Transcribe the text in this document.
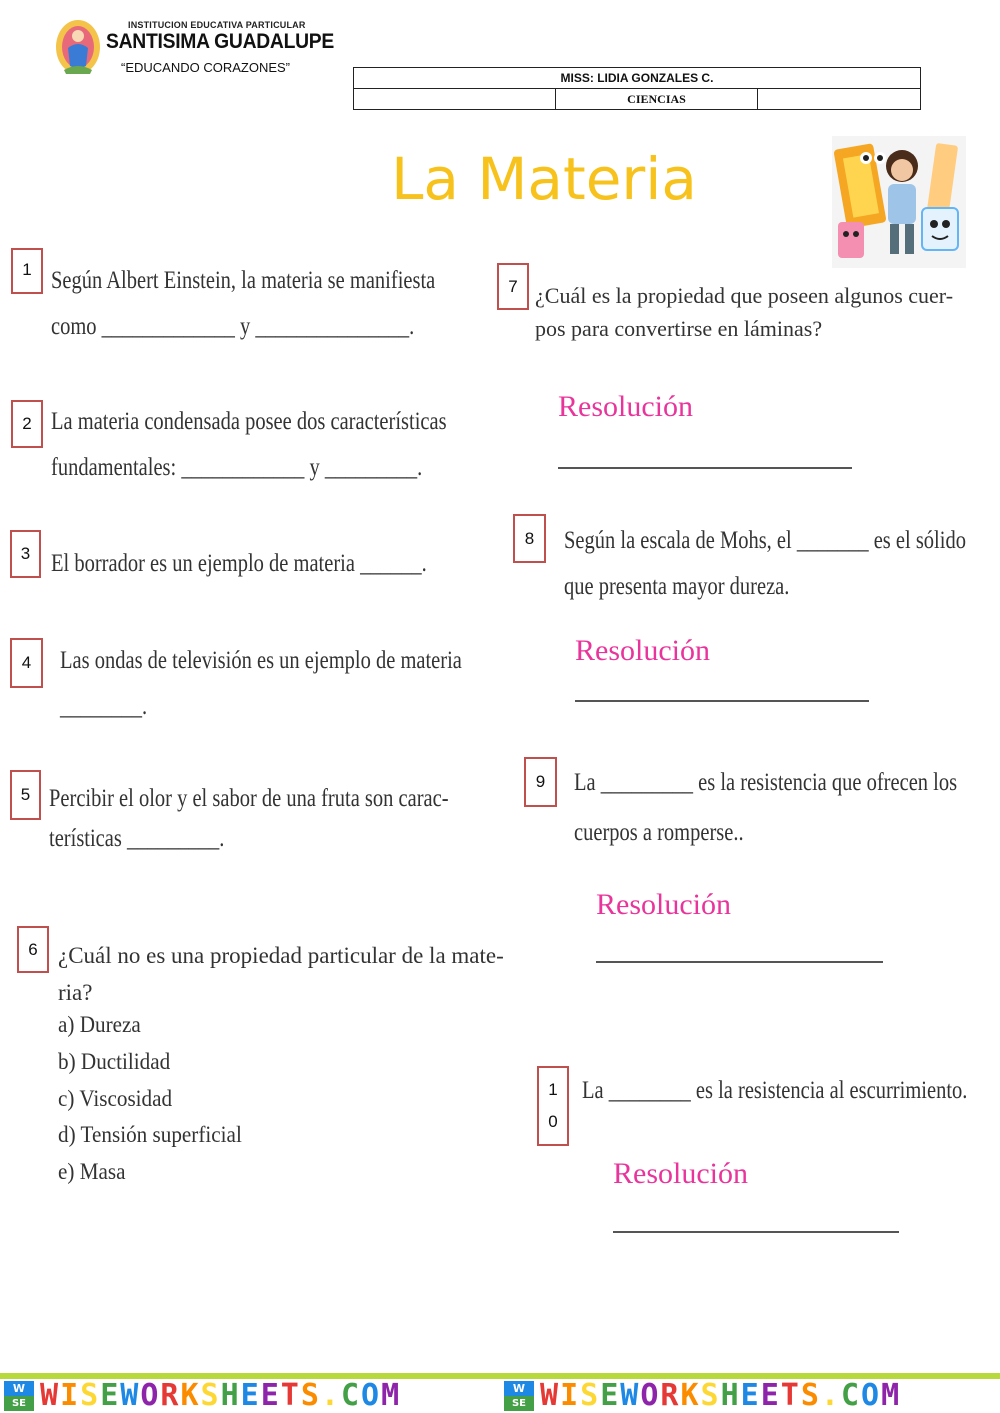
INSTITUCION EDUCATIVA PARTICULAR
SANTISIMA GUADALUPE
“EDUCANDO CORAZONES”
MISS: LIDIA GONZALES C.
	CIENCIAS	
La Materia
1 Según Albert Einstein, la materia se manifiesta
como _____________ y _______________.
2 La materia condensada posee dos características
fundamentales: ____________ y _________.
3 El borrador es un ejemplo de materia ______.
4	Las ondas de televisión es un ejemplo de materia
________.
5 Percibir el olor y el sabor de una fruta son carac-
terísticas _________.
6 ¿Cuál no es una propiedad particular de la mate-
ria?
a) Dureza
b) Ductilidad
c) Viscosidad
d) Tensión superficial
e) Masa
7 ¿Cuál es la propiedad que poseen algunos cuer-
pos para convertirse en láminas?
Resolución
8	Según la escala de Mohs, el _______ es el sólido
que presenta mayor dureza.
Resolución
9	La _________ es la resistencia que ofrecen los
cuerpos a romperse..
Resolución
1
0
La ________ es la resistencia al escurrimiento.
Resolución
W
SE WISEWORKSHEETS.COM	W
SE WISEWORKSHEETS.COM
